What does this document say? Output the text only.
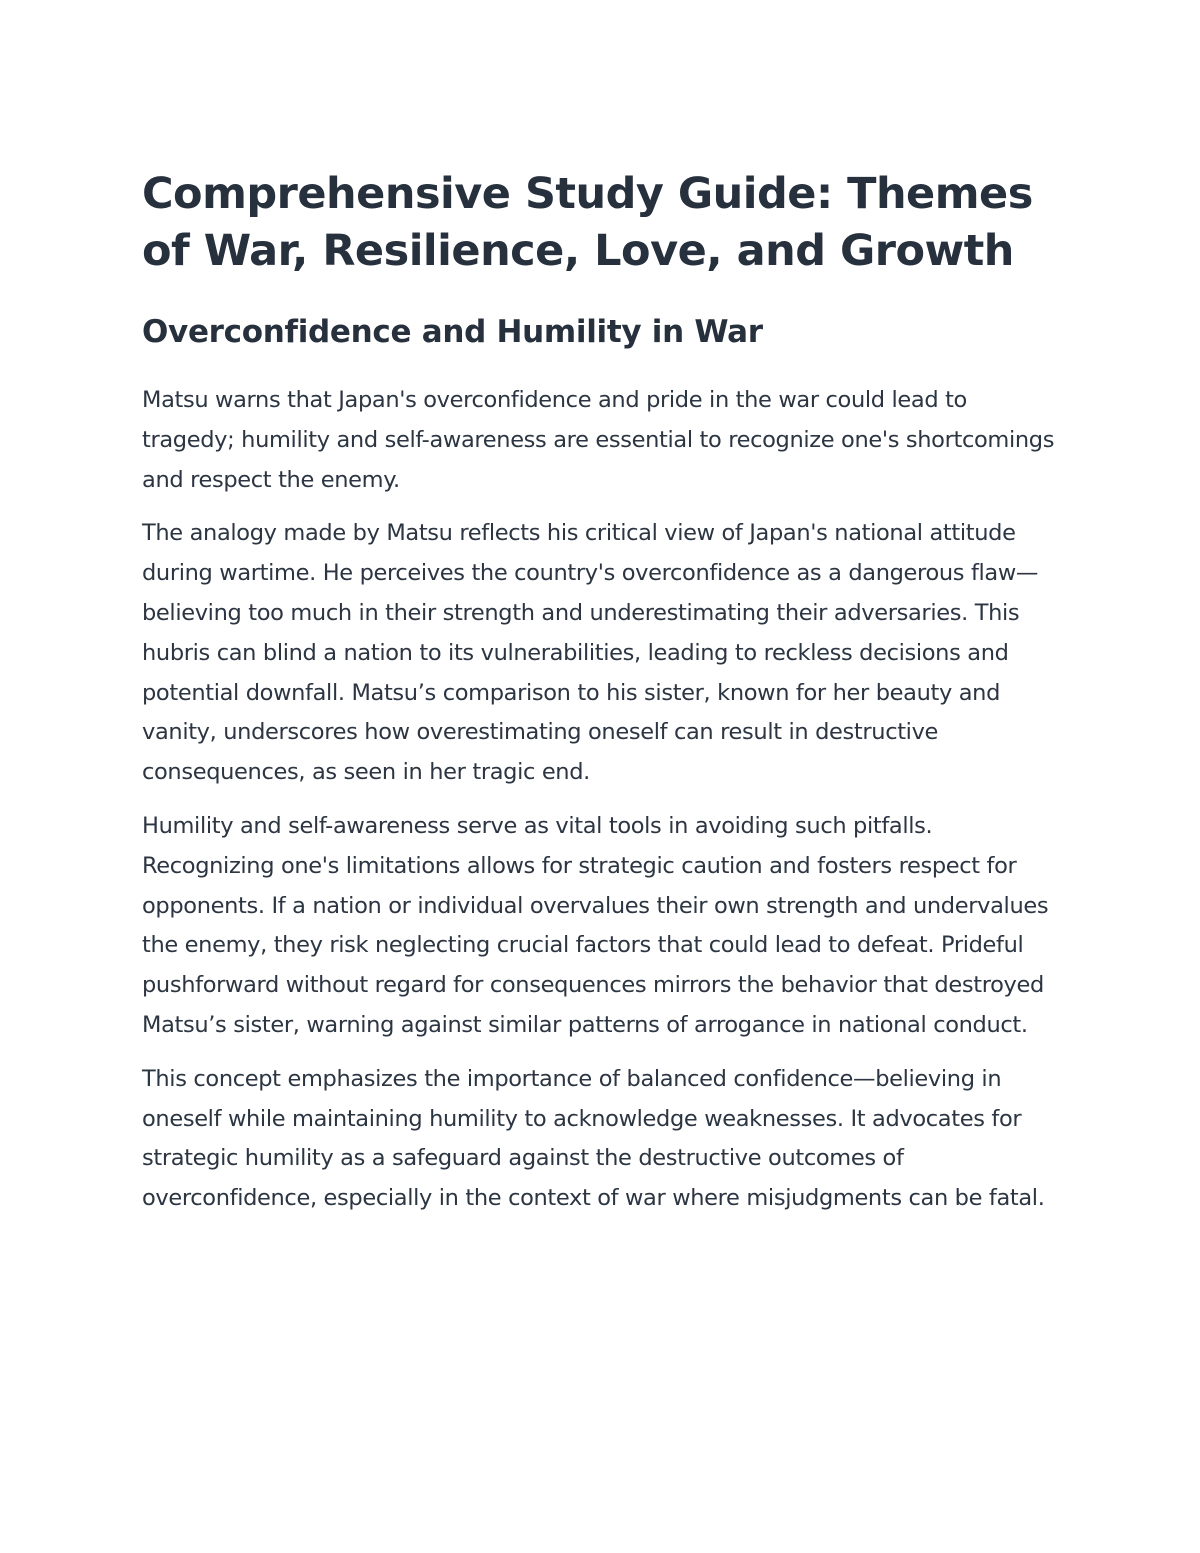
Comprehensive Study Guide: Themes of War, Resilience, Love, and Growth
Overconfidence and Humility in War

Matsu warns that Japan's overconfidence and pride in the war could lead to tragedy; humility and self-awareness are essential to recognize one's shortcomings and respect the enemy.

The analogy made by Matsu reflects his critical view of Japan's national attitude during wartime. He perceives the country's overconfidence as a dangerous flaw—believing too much in their strength and underestimating their adversaries. This hubris can blind a nation to its vulnerabilities, leading to reckless decisions and potential downfall. Matsu’s comparison to his sister, known for her beauty and vanity, underscores how overestimating oneself can result in destructive consequences, as seen in her tragic end.

Humility and self-awareness serve as vital tools in avoiding such pitfalls. Recognizing one's limitations allows for strategic caution and fosters respect for opponents. If a nation or individual overvalues their own strength and undervalues the enemy, they risk neglecting crucial factors that could lead to defeat. Prideful pushforward without regard for consequences mirrors the behavior that destroyed Matsu’s sister, warning against similar patterns of arrogance in national conduct.

This concept emphasizes the importance of balanced confidence—believing in oneself while maintaining humility to acknowledge weaknesses. It advocates for strategic humility as a safeguard against the destructive outcomes of overconfidence, especially in the context of war where misjudgments can be fatal.
